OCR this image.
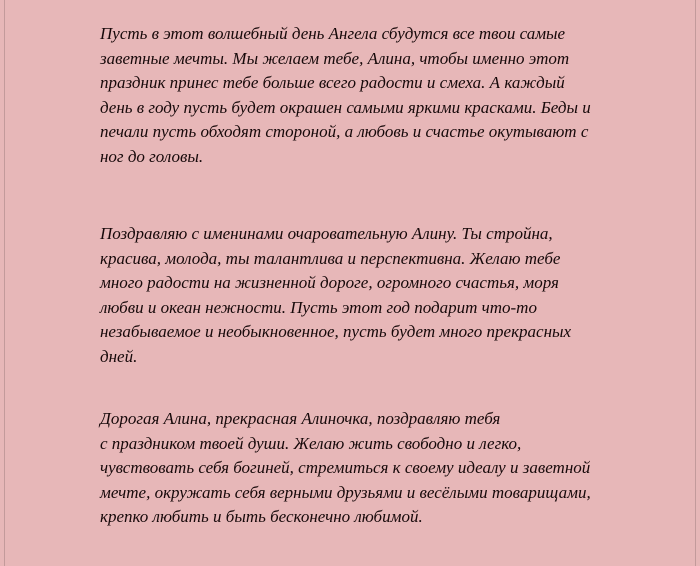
Пусть в этот волшебный день Ангела сбудутся все твои самые
заветные мечты. Мы желаем тебе, Алина, чтобы именно этот
праздник принес тебе больше всего радости и смеха. А каждый
день в году пусть будет окрашен самыми яркими красками. Беды и
печали пусть обходят стороной, а любовь и счастье окутывают с
ног до головы.

Поздравляю с именинами очаровательную Алину. Ты стройна,
красива, молода, ты талантлива и перспективна. Желаю тебе
много радости на жизненной дороге, огромного счастья, моря
любви и океан нежности. Пусть этот год подарит что-то
незабываемое и необыкновенное, пусть будет много прекрасных
дней.

Дорогая Алина, прекрасная Алиночка, поздравляю тебя
с праздником твоей души. Желаю жить свободно и легко,
чувствовать себя богиней, стремиться к своему идеалу и заветной
мечте, окружать себя верными друзьями и весёлыми товарищами,
крепко любить и быть бесконечно любимой.
